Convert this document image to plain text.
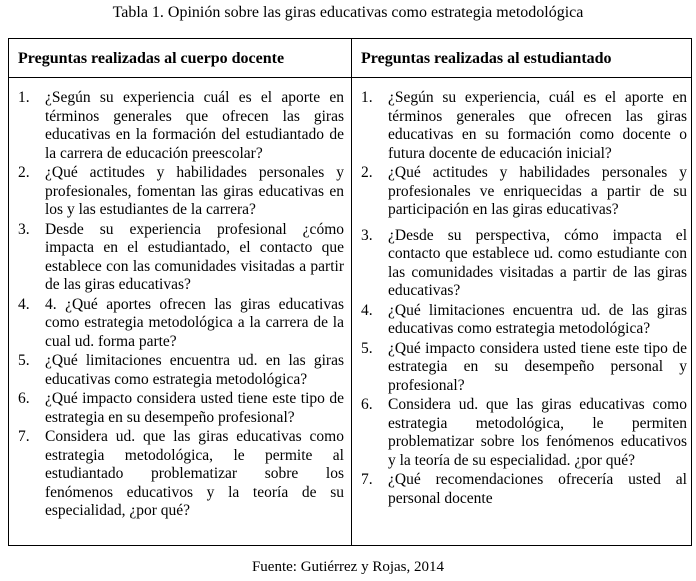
Tabla 1. Opinión sobre las giras educativas como estrategia metodológica
Preguntas realizadas al cuerpo docente	Preguntas realizadas al estudiantado
1. ¿Según su experiencia cuál es el aporte en términos generales que ofrecen las giras educativas en la formación del estudiantado de la carrera de educación preescolar?
2. ¿Qué actitudes y habilidades personales y profesionales, fomentan las giras educativas en los y las estudiantes de la carrera?
3. Desde su experiencia profesional ¿cómo impacta en el estudiantado, el contacto que establece con las comunidades visitadas a partir de las giras educativas?
4. 4. ¿Qué aportes ofrecen las giras educativas como estrategia metodológica a la carrera de la cual ud. forma parte?
5. ¿Qué limitaciones encuentra ud. en las giras educativas como estrategia metodológica?
6. ¿Qué impacto considera usted tiene este tipo de estrategia en su desempeño profesional?
7. Considera ud. que las giras educativas como estrategia metodológica, le permite al estudiantado problematizar sobre los fenómenos educativos y la teoría de su especialidad, ¿por qué?
1. ¿Según su experiencia, cuál es el aporte en términos generales que ofrecen las giras educativas en su formación como docente o futura docente de educación inicial?
2. ¿Qué actitudes y habilidades personales y profesionales ve enriquecidas a partir de su participación en las giras educativas?
3. ¿Desde su perspectiva, cómo impacta el contacto que establece ud. como estudiante con las comunidades visitadas a partir de las giras educativas?
4. ¿Qué limitaciones encuentra ud. de las giras educativas como estrategia metodológica?
5. ¿Qué impacto considera usted tiene este tipo de estrategia en su desempeño personal y profesional?
6. Considera ud. que las giras educativas como estrategia metodológica, le permiten problematizar sobre los fenómenos educativos y la teoría de su especialidad. ¿por qué?
7. ¿Qué recomendaciones ofrecería usted al personal docente
Fuente: Gutiérrez y Rojas, 2014
